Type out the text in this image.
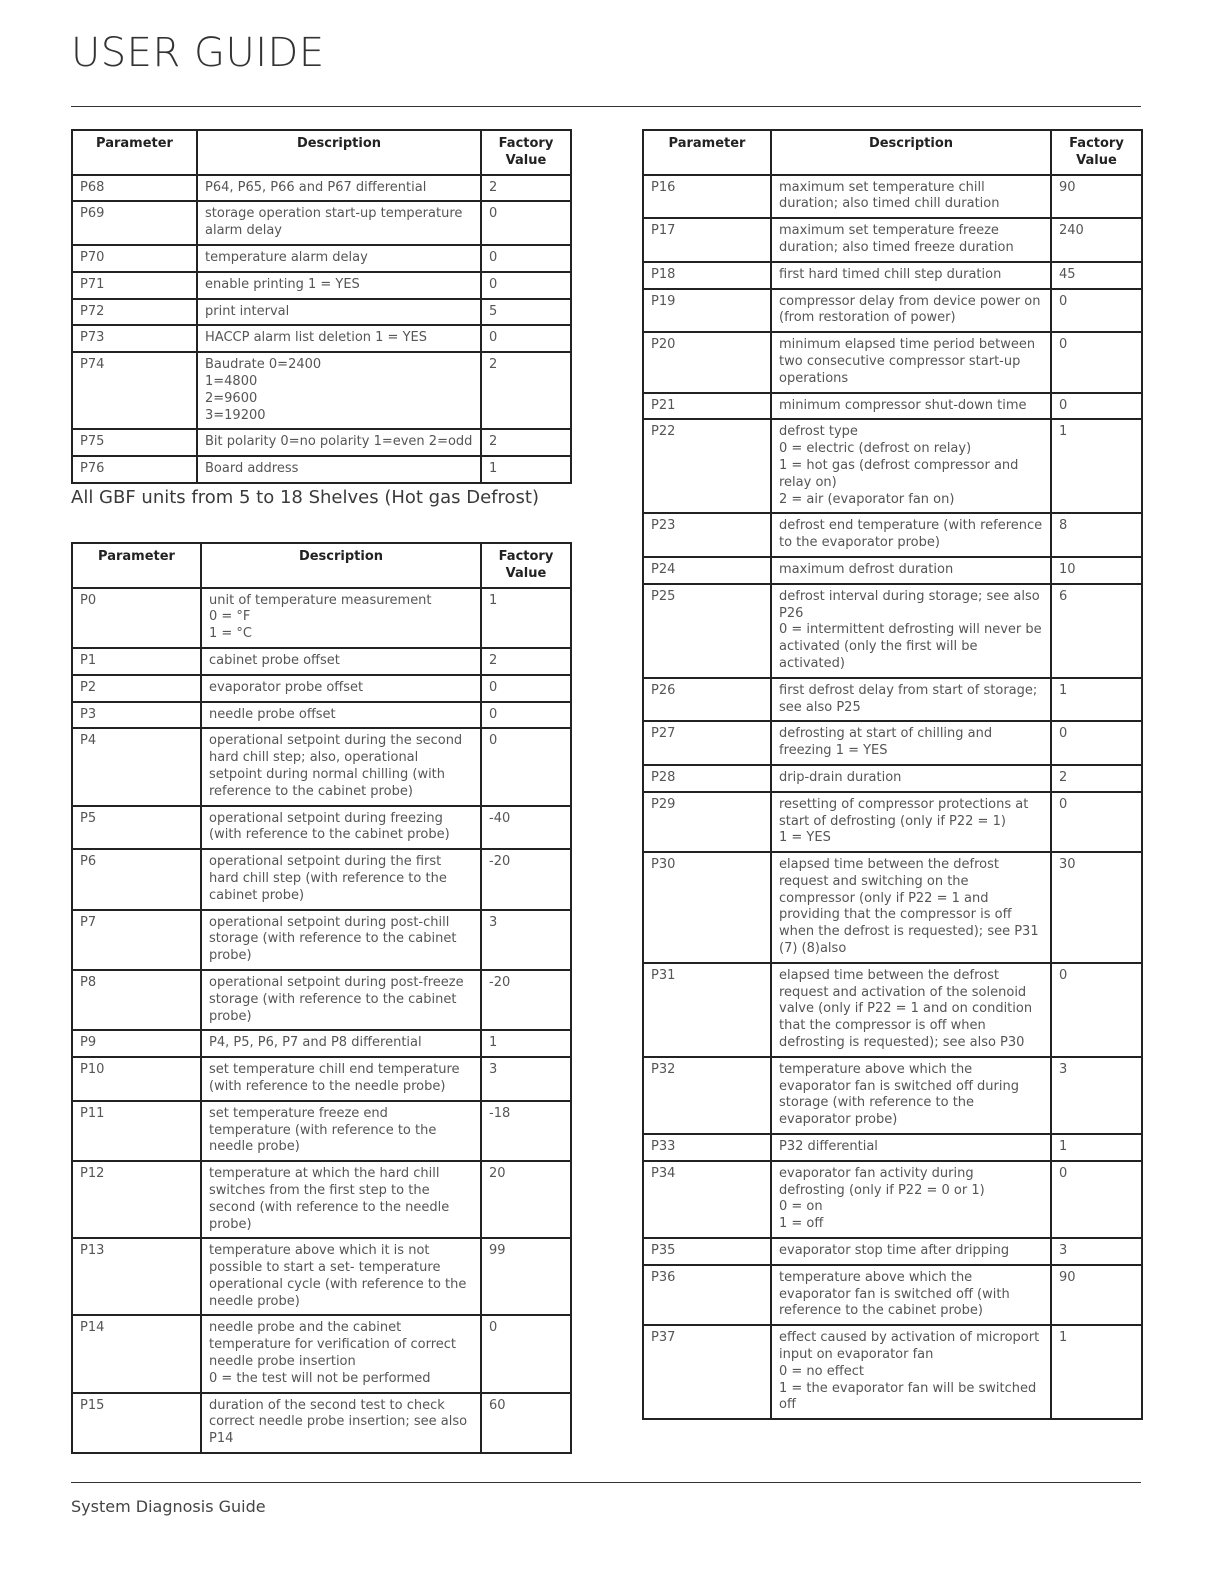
USER GUIDE
Parameter	Description	Factory Value
P68	P64, P65, P66 and P67 differential	2
P69	storage operation start-up temperature alarm delay	0
P70	temperature alarm delay	0
P71	enable printing 1 = YES	0
P72	print interval	5
P73	HACCP alarm list deletion 1 = YES	0
P74	Baudrate 0=2400
1=4800
2=9600
3=19200	2
P75	Bit polarity 0=no polarity 1=even 2=odd	2
P76	Board address	1

All GBF units from 5 to 18 Shelves (Hot gas Defrost)

Parameter	Description	Factory Value
P0	unit of temperature measurement
0 = °F
1 = °C	1
P1	cabinet probe offset	2
P2	evaporator probe offset	0
P3	needle probe offset	0
P4	operational setpoint during the second hard chill step; also, operational setpoint during normal chilling (with reference to the cabinet probe)	0
P5	operational setpoint during freezing (with reference to the cabinet probe)	-40
P6	operational setpoint during the first hard chill step (with reference to the cabinet probe)	-20
P7	operational setpoint during post-chill storage (with reference to the cabinet probe)	3
P8	operational setpoint during post-freeze storage (with reference to the cabinet probe)	-20
P9	P4, P5, P6, P7 and P8 differential	1
P10	set temperature chill end temperature (with reference to the needle probe)	3
P11	set temperature freeze end temperature (with reference to the needle probe)	-18
P12	temperature at which the hard chill switches from the first step to the second (with reference to the needle probe)	20
P13	temperature above which it is not possible to start a set- temperature operational cycle (with reference to the needle probe)	99
P14	needle probe and the cabinet temperature for verification of correct needle probe insertion
0 = the test will not be performed	0
P15	duration of the second test to check correct needle probe insertion; see also P14	60
Parameter	Description	Factory Value
P16	maximum set temperature chill duration; also timed chill duration	90
P17	maximum set temperature freeze duration; also timed freeze duration	240
P18	first hard timed chill step duration	45
P19	compressor delay from device power on (from restoration of power)	0
P20	minimum elapsed time period between two consecutive compressor start-up operations	0
P21	minimum compressor shut-down time	0
P22	defrost type
0 = electric (defrost on relay)
1 = hot gas (defrost compressor and relay on)
2 = air (evaporator fan on)	1
P23	defrost end temperature (with reference to the evaporator probe)	8
P24	maximum defrost duration	10
P25	defrost interval during storage; see also P26
0 = intermittent defrosting will never be activated (only the first will be activated)	6
P26	first defrost delay from start of storage; see also P25	1
P27	defrosting at start of chilling and freezing 1 = YES	0
P28	drip-drain duration	2
P29	resetting of compressor protections at start of defrosting (only if P22 = 1)
1 = YES	0
P30	elapsed time between the defrost request and switching on the compressor (only if P22 = 1 and providing that the compressor is off when the defrost is requested); see P31 (7) (8)also	30
P31	elapsed time between the defrost request and activation of the solenoid valve (only if P22 = 1 and on condition that the compressor is off when defrosting is requested); see also P30	0
P32	temperature above which the evaporator fan is switched off during storage (with reference to the evaporator probe)	3
P33	P32 differential	1
P34	evaporator fan activity during defrosting (only if P22 = 0 or 1)
0 = on
1 = off	0
P35	evaporator stop time after dripping	3
P36	temperature above which the evaporator fan is switched off (with reference to the cabinet probe)	90
P37	effect caused by activation of microport input on evaporator fan
0 = no effect
1 = the evaporator fan will be switched off	1
System Diagnosis Guide
